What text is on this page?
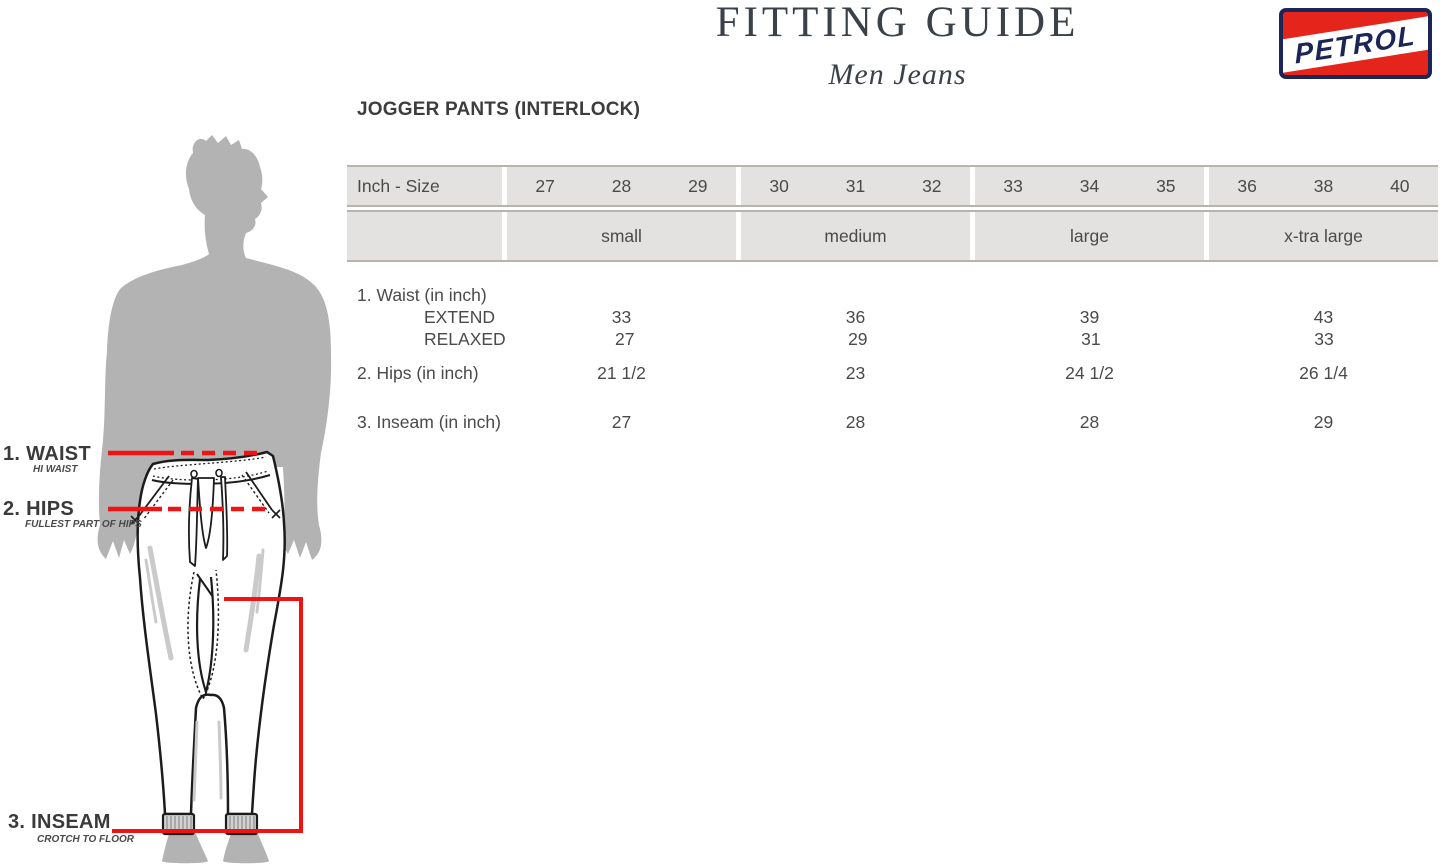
FITTING GUIDE
Men Jeans
PETROL
JOGGER PANTS (INTERLOCK)
Inch - Size	27	28	29	30	31	32	33	34	35	36	38	40
small	medium	large	x-tra large
1. Waist (in inch)
EXTEND	33	36	39	43
RELAXED	27	29	31	33
2. Hips (in inch)	21 1/2	23	24 1/2	26 1/4
3. Inseam (in inch)	27	28	28	29
1. WAIST
HI WAIST
2. HIPS
FULLEST PART OF HIPS
3. INSEAM
CROTCH TO FLOOR
